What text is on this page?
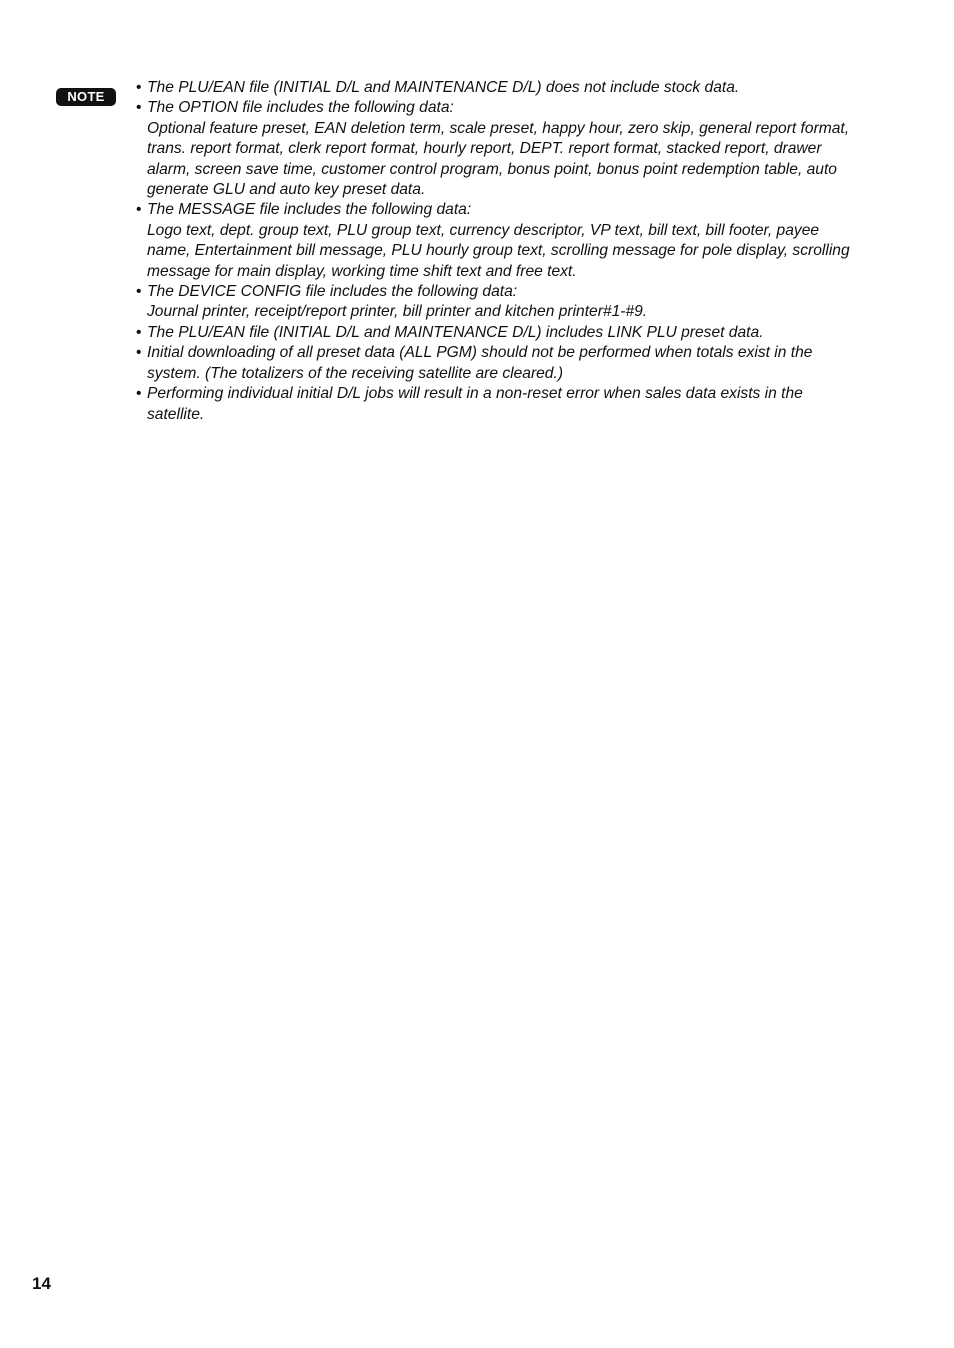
NOTE
• The PLU/EAN file (INITIAL D/L and MAINTENANCE D/L) does not include stock data.
• The OPTION file includes the following data:
Optional feature preset, EAN deletion term, scale preset, happy hour, zero skip, general report format, trans. report format, clerk report format, hourly report, DEPT. report format, stacked report, drawer alarm, screen save time, customer control program, bonus point, bonus point redemption table, auto generate GLU and auto key preset data.
• The MESSAGE file includes the following data:
Logo text, dept. group text, PLU group text, currency descriptor, VP text, bill text, bill footer, payee name, Entertainment bill message, PLU hourly group text, scrolling message for pole display, scrolling message for main display, working time shift text and free text.
• The DEVICE CONFIG file includes the following data:
Journal printer, receipt/report printer, bill printer and kitchen printer#1-#9.
• The PLU/EAN file (INITIAL D/L and MAINTENANCE D/L) includes LINK PLU preset data.
• Initial downloading of all preset data (ALL PGM) should not be performed when totals exist in the system. (The totalizers of the receiving satellite are cleared.)
• Performing individual initial D/L jobs will result in a non-reset error when sales data exists in the satellite.
14
